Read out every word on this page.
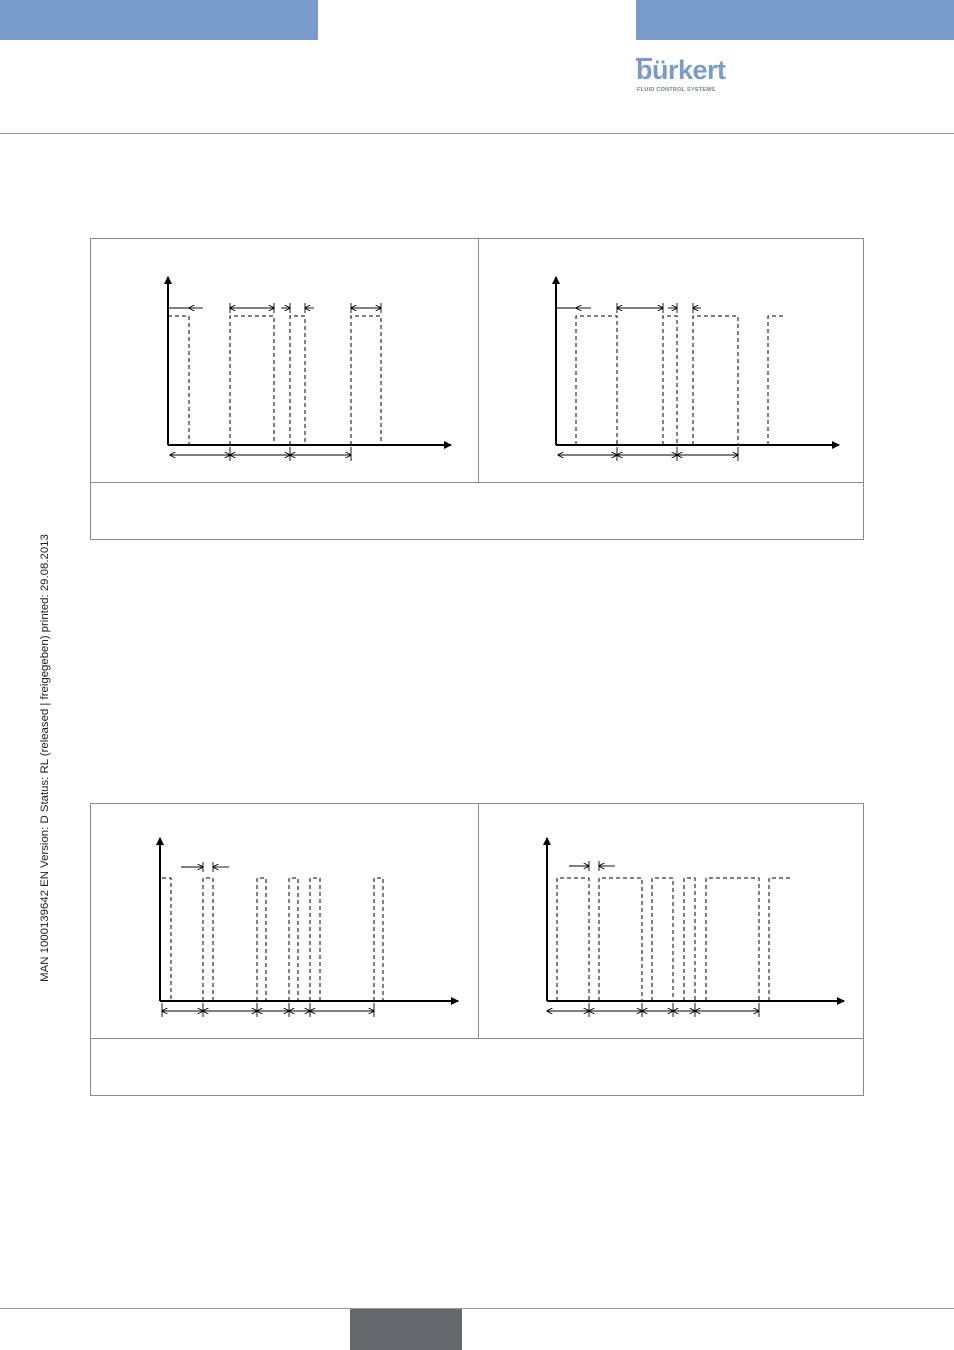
bürkert
FLUID CONTROL SYSTEMS
MAN 1000139642 EN Version: D Status: RL (released | freigegeben) printed: 29.08.2013
